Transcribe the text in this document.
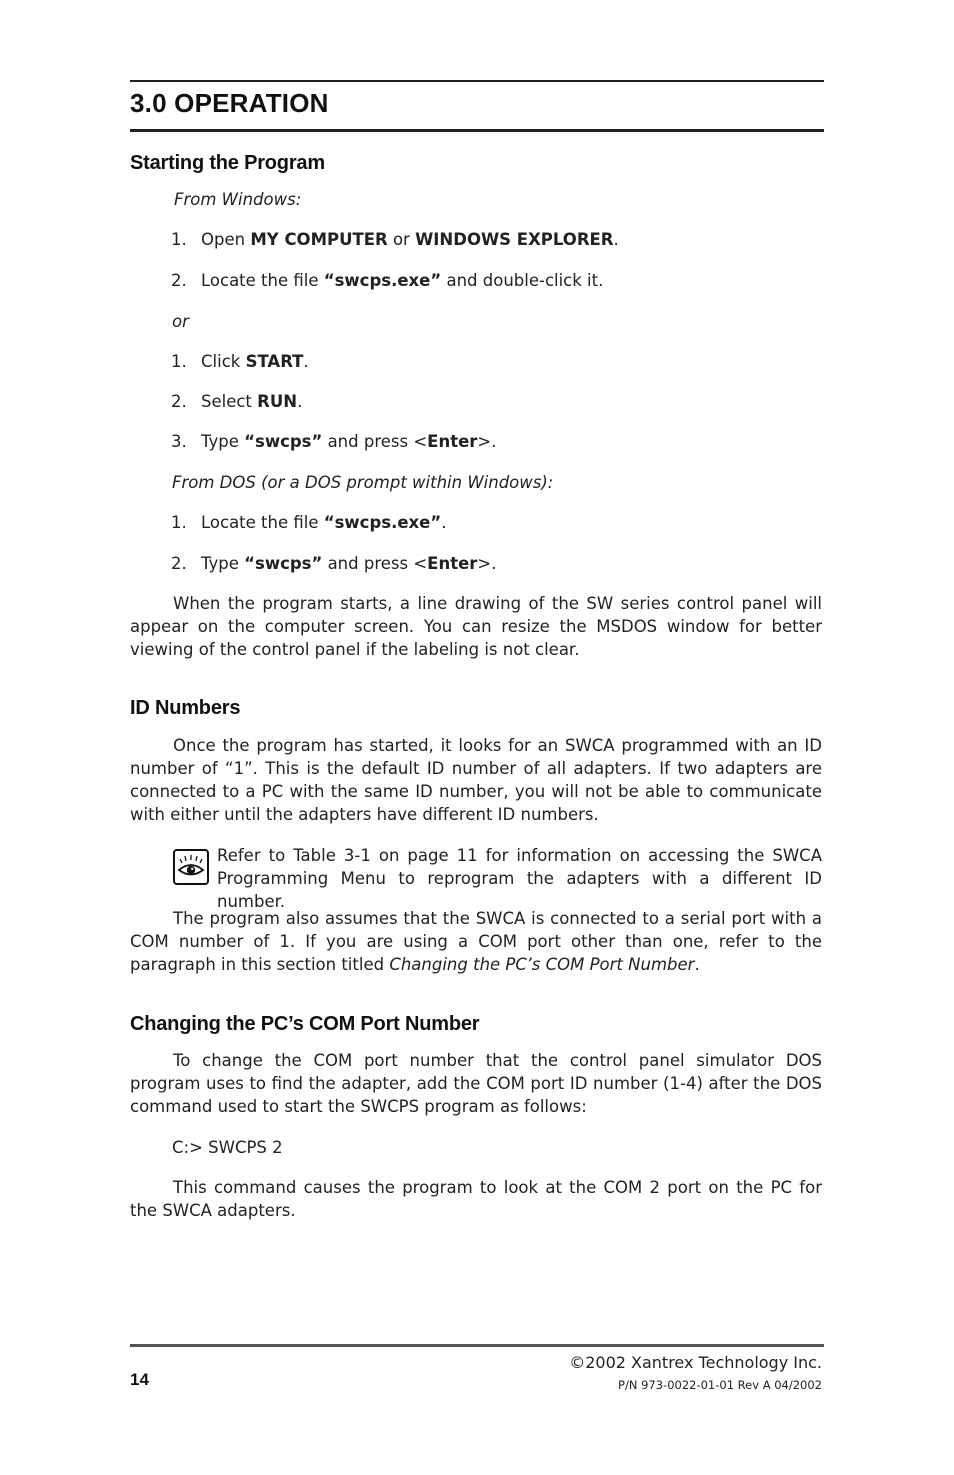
3.0 OPERATION
Starting the Program
From Windows:
1. Open MY COMPUTER or WINDOWS EXPLORER.
2. Locate the file “swcps.exe” and double-click it.
or
1. Click START.
2. Select RUN.
3. Type “swcps” and press <Enter>.
From DOS (or a DOS prompt within Windows):
1. Locate the file “swcps.exe”.
2. Type “swcps” and press <Enter>.
When the program starts, a line drawing of the SW series control panel will appear on the computer screen. You can resize the MSDOS window for better viewing of the control panel if the labeling is not clear.
ID Numbers
Once the program has started, it looks for an SWCA programmed with an ID number of “1”. This is the default ID number of all adapters. If two adapters are connected to a PC with the same ID number, you will not be able to communicate with either until the adapters have different ID numbers.
Refer to Table 3-1 on page 11 for information on accessing the SWCA Programming Menu to reprogram the adapters with a different ID number.
The program also assumes that the SWCA is connected to a serial port with a COM number of 1. If you are using a COM port other than one, refer to the paragraph in this section titled Changing the PC’s COM Port Number.
Changing the PC’s COM Port Number
To change the COM port number that the control panel simulator DOS program uses to find the adapter, add the COM port ID number (1-4) after the DOS command used to start the SWCPS program as follows:
C:> SWCPS 2
This command causes the program to look at the COM 2 port on the PC for the SWCA adapters.
14
©2002 Xantrex Technology Inc.
P/N 973-0022-01-01 Rev A 04/2002
